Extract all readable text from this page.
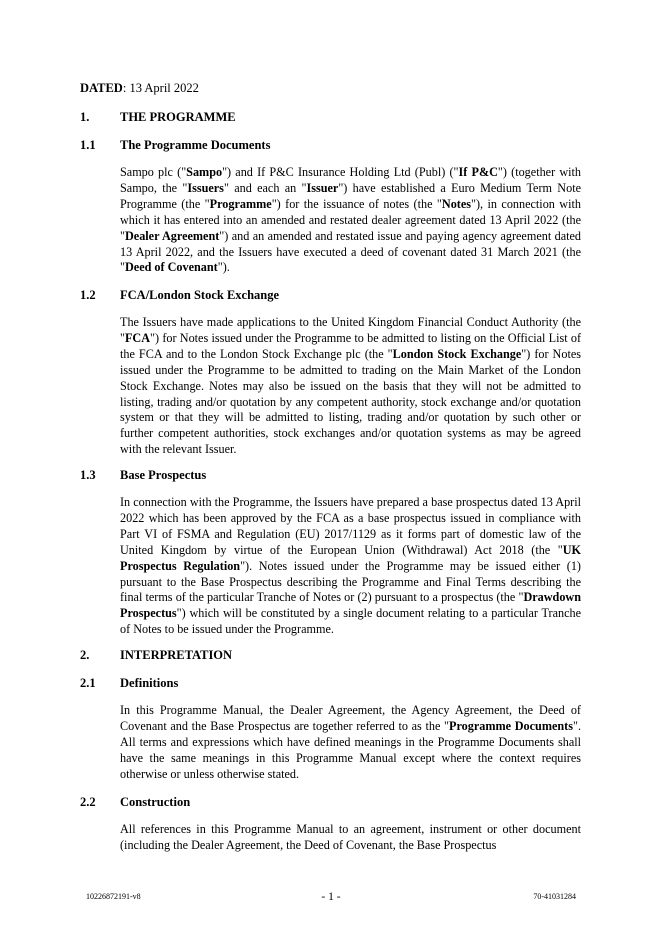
DATED: 13 April 2022
1. THE PROGRAMME
1.1 The Programme Documents
Sampo plc ("Sampo") and If P&C Insurance Holding Ltd (Publ) ("If P&C") (together with Sampo, the "Issuers" and each an "Issuer") have established a Euro Medium Term Note Programme (the "Programme") for the issuance of notes (the "Notes"), in connection with which it has entered into an amended and restated dealer agreement dated 13 April 2022 (the "Dealer Agreement") and an amended and restated issue and paying agency agreement dated 13 April 2022, and the Issuers have executed a deed of covenant dated 31 March 2021 (the "Deed of Covenant").
1.2 FCA/London Stock Exchange
The Issuers have made applications to the United Kingdom Financial Conduct Authority (the "FCA") for Notes issued under the Programme to be admitted to listing on the Official List of the FCA and to the London Stock Exchange plc (the "London Stock Exchange") for Notes issued under the Programme to be admitted to trading on the Main Market of the London Stock Exchange. Notes may also be issued on the basis that they will not be admitted to listing, trading and/or quotation by any competent authority, stock exchange and/or quotation system or that they will be admitted to listing, trading and/or quotation by such other or further competent authorities, stock exchanges and/or quotation systems as may be agreed with the relevant Issuer.
1.3 Base Prospectus
In connection with the Programme, the Issuers have prepared a base prospectus dated 13 April 2022 which has been approved by the FCA as a base prospectus issued in compliance with Part VI of FSMA and Regulation (EU) 2017/1129 as it forms part of domestic law of the United Kingdom by virtue of the European Union (Withdrawal) Act 2018 (the "UK Prospectus Regulation"). Notes issued under the Programme may be issued either (1) pursuant to the Base Prospectus describing the Programme and Final Terms describing the final terms of the particular Tranche of Notes or (2) pursuant to a prospectus (the "Drawdown Prospectus") which will be constituted by a single document relating to a particular Tranche of Notes to be issued under the Programme.
2. INTERPRETATION
2.1 Definitions
In this Programme Manual, the Dealer Agreement, the Agency Agreement, the Deed of Covenant and the Base Prospectus are together referred to as the "Programme Documents". All terms and expressions which have defined meanings in the Programme Documents shall have the same meanings in this Programme Manual except where the context requires otherwise or unless otherwise stated.
2.2 Construction
All references in this Programme Manual to an agreement, instrument or other document (including the Dealer Agreement, the Deed of Covenant, the Base Prospectus
10226872191-v8	- 1 -	70-41031284
